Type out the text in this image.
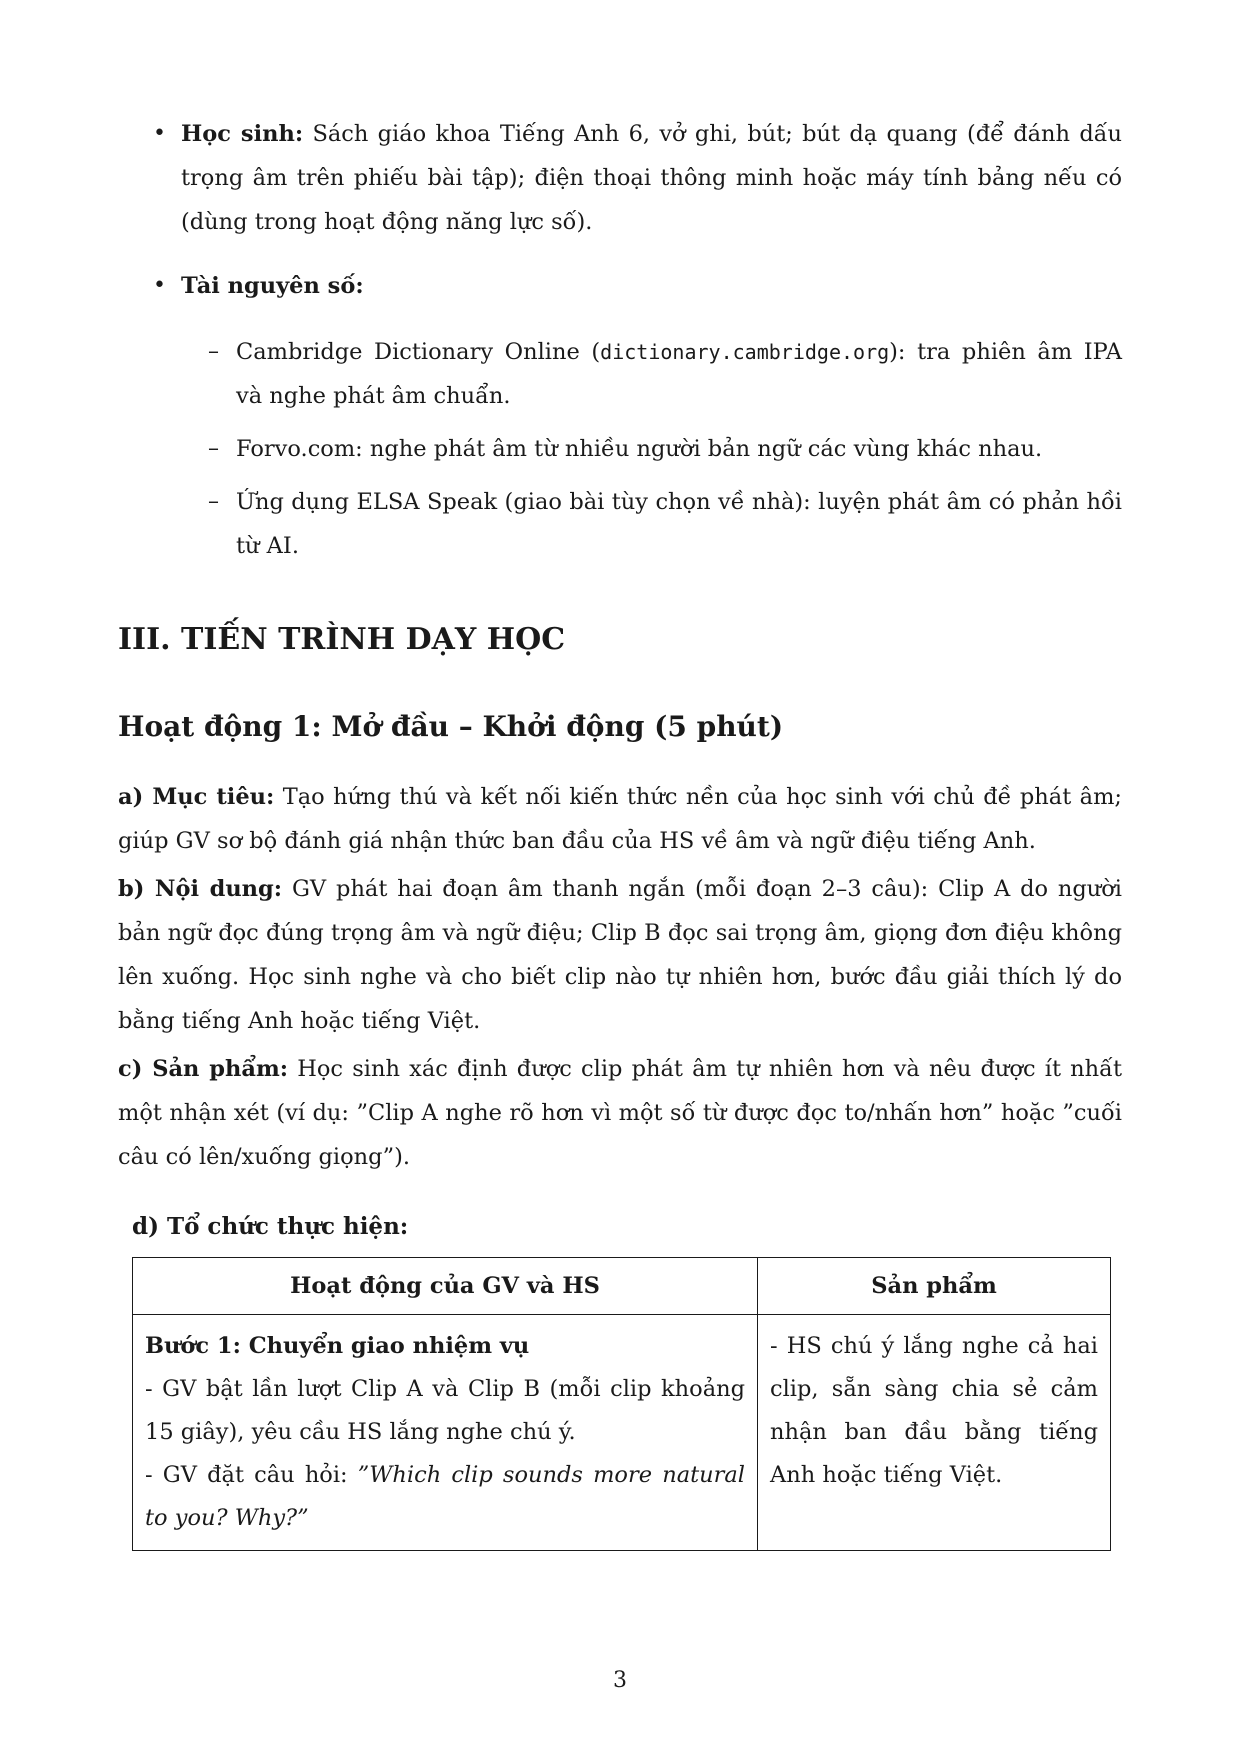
• Học sinh: Sách giáo khoa Tiếng Anh 6, vở ghi, bút; bút dạ quang (để đánh dấu trọng âm trên phiếu bài tập); điện thoại thông minh hoặc máy tính bảng nếu có (dùng trong hoạt động năng lực số).
• Tài nguyên số:
– Cambridge Dictionary Online (dictionary.cambridge.org): tra phiên âm IPA và nghe phát âm chuẩn.
– Forvo.com: nghe phát âm từ nhiều người bản ngữ các vùng khác nhau.
– Ứng dụng ELSA Speak (giao bài tùy chọn về nhà): luyện phát âm có phản hồi từ AI.
III. TIẾN TRÌNH DẠY HỌC
Hoạt động 1: Mở đầu – Khởi động (5 phút)
a) Mục tiêu: Tạo hứng thú và kết nối kiến thức nền của học sinh với chủ đề phát âm; giúp GV sơ bộ đánh giá nhận thức ban đầu của HS về âm và ngữ điệu tiếng Anh.
b) Nội dung: GV phát hai đoạn âm thanh ngắn (mỗi đoạn 2–3 câu): Clip A do người bản ngữ đọc đúng trọng âm và ngữ điệu; Clip B đọc sai trọng âm, giọng đơn điệu không lên xuống. Học sinh nghe và cho biết clip nào tự nhiên hơn, bước đầu giải thích lý do bằng tiếng Anh hoặc tiếng Việt.
c) Sản phẩm: Học sinh xác định được clip phát âm tự nhiên hơn và nêu được ít nhất một nhận xét (ví dụ: ”Clip A nghe rõ hơn vì một số từ được đọc to/nhấn hơn” hoặc ”cuối câu có lên/xuống giọng”).
d) Tổ chức thực hiện:
Hoạt động của GV và HS	Sản phẩm

Bước 1: Chuyển giao nhiệm vụ
- GV bật lần lượt Clip A và Clip B (mỗi clip khoảng 15 giây), yêu cầu HS lắng nghe chú ý.
- GV đặt câu hỏi: ”Which clip sounds more natural to you? Why?”	- HS chú ý lắng nghe cả hai clip, sẵn sàng chia sẻ cảm nhận ban đầu bằng tiếng Anh hoặc tiếng Việt.
3
